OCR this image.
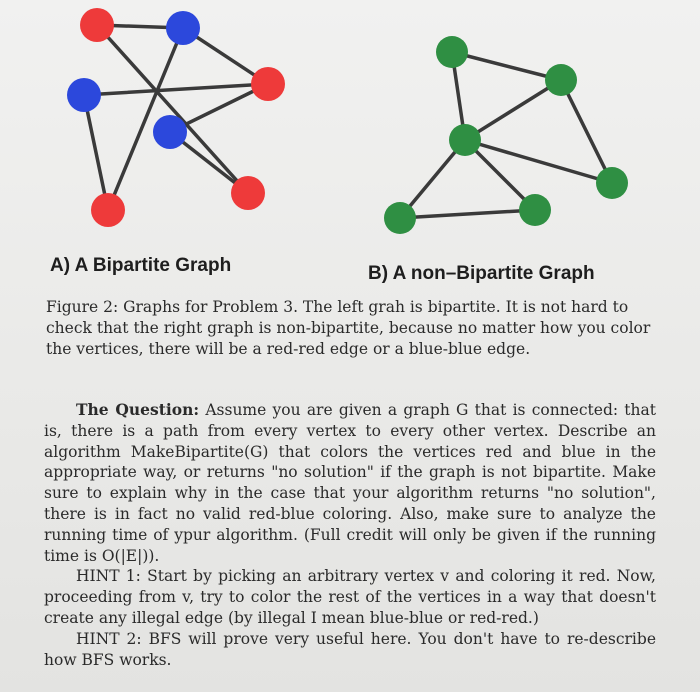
A) A Bipartite Graph	B) A non–Bipartite Graph
Figure 2: Graphs for Problem 3. The left grah is bipartite. It is not hard to check that the right graph is non-bipartite, because no matter how you color the vertices, there will be a red-red edge or a blue-blue edge.

The Question: Assume you are given a graph G that is connected: that is, there is a path from every vertex to every other vertex. Describe an algorithm MakeBipartite(G) that colors the vertices red and blue in the appropriate way, or returns "no solution" if the graph is not bipartite. Make sure to explain why in the case that your algorithm returns "no solution", there is in fact no valid red-blue coloring. Also, make sure to analyze the running time of ypur algorithm. (Full credit will only be given if the running time is O(|E|)).

HINT 1: Start by picking an arbitrary vertex v and coloring it red. Now, proceeding from v, try to color the rest of the vertices in a way that doesn't create any illegal edge (by illegal I mean blue-blue or red-red.)

HINT 2: BFS will prove very useful here. You don't have to re-describe how BFS works.
